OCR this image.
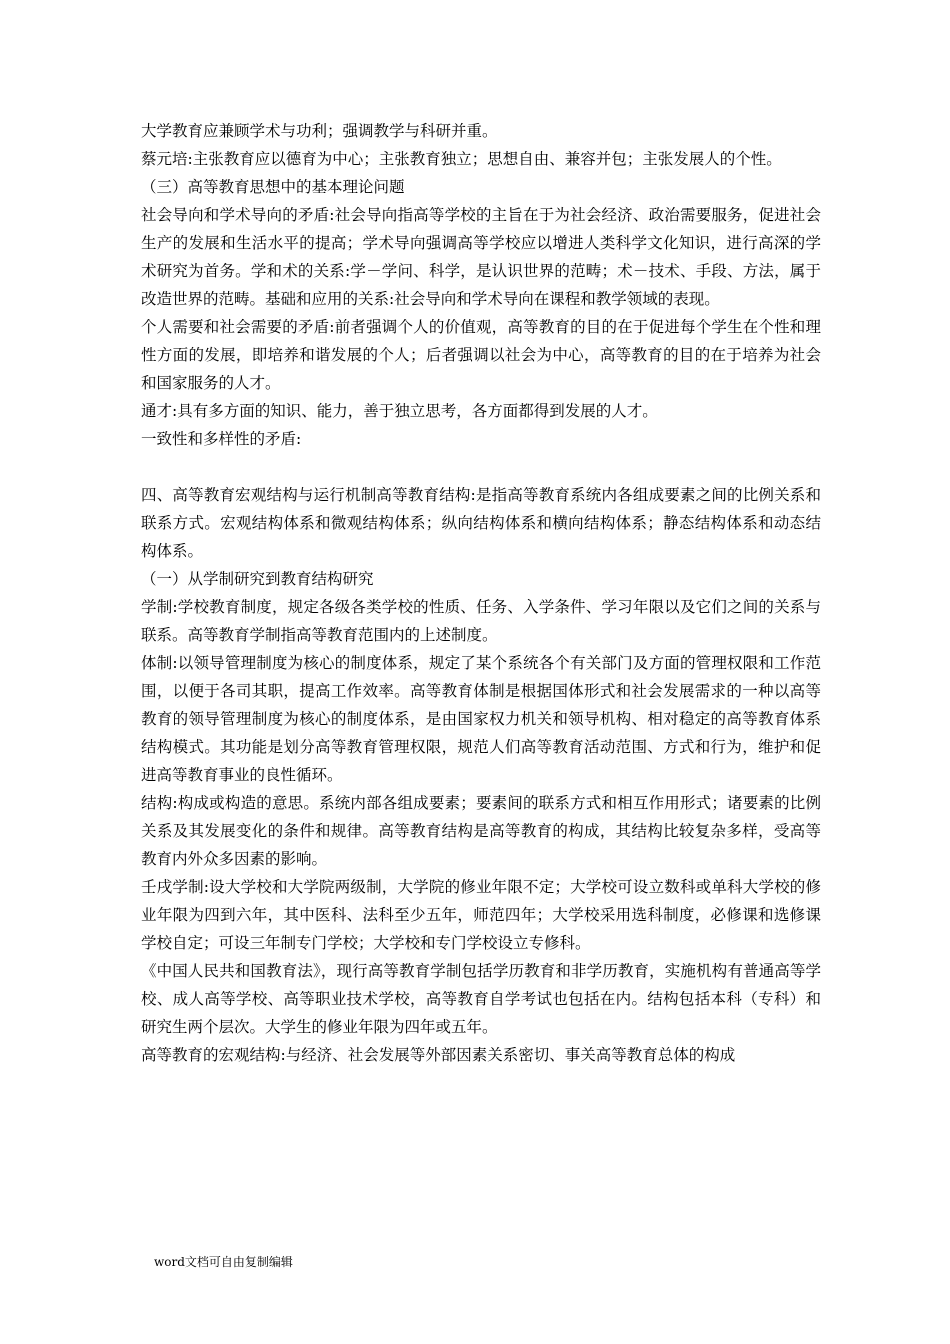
大学教育应兼顾学术与功利；强调教学与科研并重。

蔡元培:主张教育应以德育为中心；主张教育独立；思想自由、兼容并包；主张发展人的个性。

（三）高等教育思想中的基本理论问题

社会导向和学术导向的矛盾:社会导向指高等学校的主旨在于为社会经济、政治需要服务，促进社会生产的发展和生活水平的提高；学术导向强调高等学校应以增进人类科学文化知识，进行高深的学术研究为首务。学和术的关系:学－学问、科学，是认识世界的范畴；术－技术、手段、方法，属于改造世界的范畴。基础和应用的关系:社会导向和学术导向在课程和教学领域的表现。

个人需要和社会需要的矛盾:前者强调个人的价值观，高等教育的目的在于促进每个学生在个性和理性方面的发展，即培养和谐发展的个人；后者强调以社会为中心，高等教育的目的在于培养为社会和国家服务的人才。

通才:具有多方面的知识、能力，善于独立思考，各方面都得到发展的人才。

一致性和多样性的矛盾:

四、高等教育宏观结构与运行机制高等教育结构:是指高等教育系统内各组成要素之间的比例关系和联系方式。宏观结构体系和微观结构体系；纵向结构体系和横向结构体系；静态结构体系和动态结构体系。

（一）从学制研究到教育结构研究

学制:学校教育制度，规定各级各类学校的性质、任务、入学条件、学习年限以及它们之间的关系与联系。高等教育学制指高等教育范围内的上述制度。

体制:以领导管理制度为核心的制度体系，规定了某个系统各个有关部门及方面的管理权限和工作范围，以便于各司其职，提高工作效率。高等教育体制是根据国体形式和社会发展需求的一种以高等教育的领导管理制度为核心的制度体系，是由国家权力机关和领导机构、相对稳定的高等教育体系结构模式。其功能是划分高等教育管理权限，规范人们高等教育活动范围、方式和行为，维护和促进高等教育事业的良性循环。

结构:构成或构造的意思。系统内部各组成要素；要素间的联系方式和相互作用形式；诸要素的比例关系及其发展变化的条件和规律。高等教育结构是高等教育的构成，其结构比较复杂多样，受高等教育内外众多因素的影响。

壬戌学制:设大学校和大学院两级制，大学院的修业年限不定；大学校可设立数科或单科大学校的修业年限为四到六年，其中医科、法科至少五年，师范四年；大学校采用选科制度，必修课和选修课学校自定；可设三年制专门学校；大学校和专门学校设立专修科。

《中国人民共和国教育法》，现行高等教育学制包括学历教育和非学历教育，实施机构有普通高等学校、成人高等学校、高等职业技术学校，高等教育自学考试也包括在内。结构包括本科（专科）和研究生两个层次。大学生的修业年限为四年或五年。

高等教育的宏观结构:与经济、社会发展等外部因素关系密切、事关高等教育总体的构成

word文档可自由复制编辑
